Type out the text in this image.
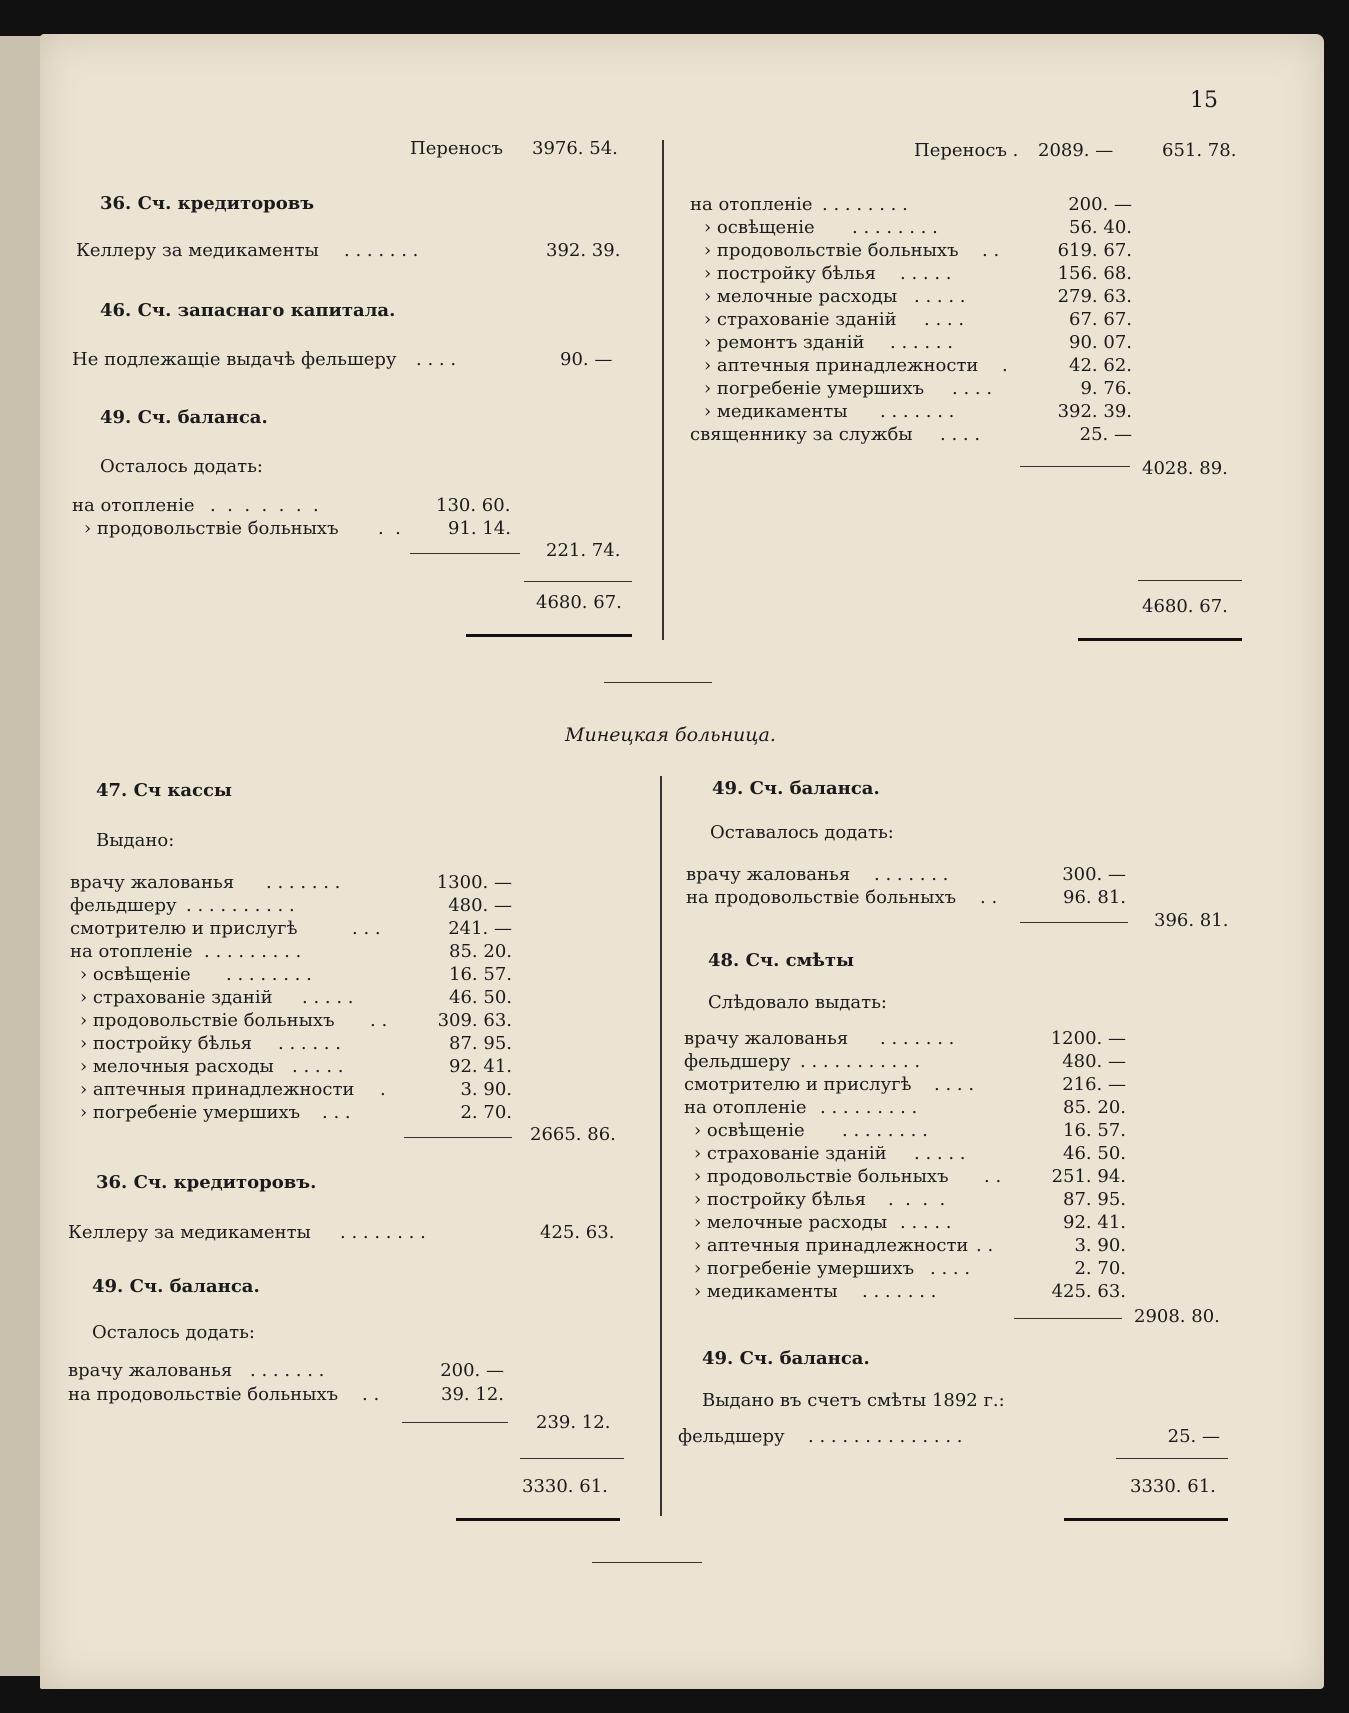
15
Переносъ 3976. 54.
36. Сч. кредиторовъ
Келлеру за медикаменты . . . . . . .	392. 39.
46. Сч. запаснаго капитала.
Не подлежащіе выдачѣ фельшеру . . . .	90. —
49. Сч. баланса.
Осталось додать:
на отопленіе .  .  .  .  .  .  .	130. 60.
› продовольствіе больныхъ .  .	91. 14.
221. 74.
4680. 67.
Переносъ . 2089. —	651. 78.
на отопленіе . . . . . . . .	200. —
› освѣщеніе . . . . . . . .	56. 40.
› продовольствіе больныхъ . .	619. 67.
› постройку бѣлья . . . . .	156. 68.
› мелочные расходы . . . . .	279. 63.
› страхованіе зданій . . . .	67. 67.
› ремонтъ зданій . . . . . .	90. 07.
› аптечныя принадлежности .	42. 62.
› погребеніе умершихъ . . . .	9. 76.
› медикаменты . . . . . . .	392. 39.
священнику за службы . . . .	25. —
4028. 89.
4680. 67.
Минецкая больница.
47. Сч кассы
Выдано:
врачу жалованья . . . . . . .	1300. —
фельдшеру . . . . . . . . . .	480. —
смотрителю и прислугѣ	. . .	241. —
на отопленіе . . . . . . . . .	85. 20.
› освѣщеніе . . . . . . . .	16. 57.
› страхованіе зданій . . . . .	46. 50.
› продовольствіе больныхъ . .	309. 63.
› постройку бѣлья . . . . . .	87. 95.
› мелочныя расходы . . . . .	92. 41.
› аптечныя принадлежности .	3. 90.
› погребеніе умершихъ . . .	2. 70.
2665. 86.
36. Сч. кредиторовъ.
Келлеру за медикаменты . . . . . . . .	425. 63.
49. Сч. баланса.
Осталось додать:
врачу жалованья . . . . . . .	200. —
на продовольствіе больныхъ . .	39. 12.
239. 12.
3330. 61.
49. Сч. баланса.
Оставалось додать:
врачу жалованья . . . . . . .	300. —
на продовольствіе больныхъ . .	96. 81.
396. 81.
48. Сч. смѣты
Слѣдовало выдать:
врачу жалованья . . . . . . .	1200. —
фельдшеру . . . . . . . . . . .	480. —
смотрителю и прислугѣ . . . .	216. —
на отопленіе . . . . . . . . .	85. 20.
› освѣщеніе . . . . . . . .	16. 57.
› страхованіе зданій . . . . .	46. 50.
› продовольствіе больныхъ . .	251. 94.
› постройку бѣлья .  .  .  .	87. 95.
› мелочные расходы . . . . .	92. 41.
› аптечныя принадлежности . .	3. 90.
› погребеніе умершихъ . . . .	2. 70.
› медикаменты . . . . . . .	425. 63.
2908. 80.
49. Сч. баланса.
Выдано въ счетъ смѣты 1892 г.:
фельдшеру . . . . . . . . . . . . . .	25. —
3330. 61.
